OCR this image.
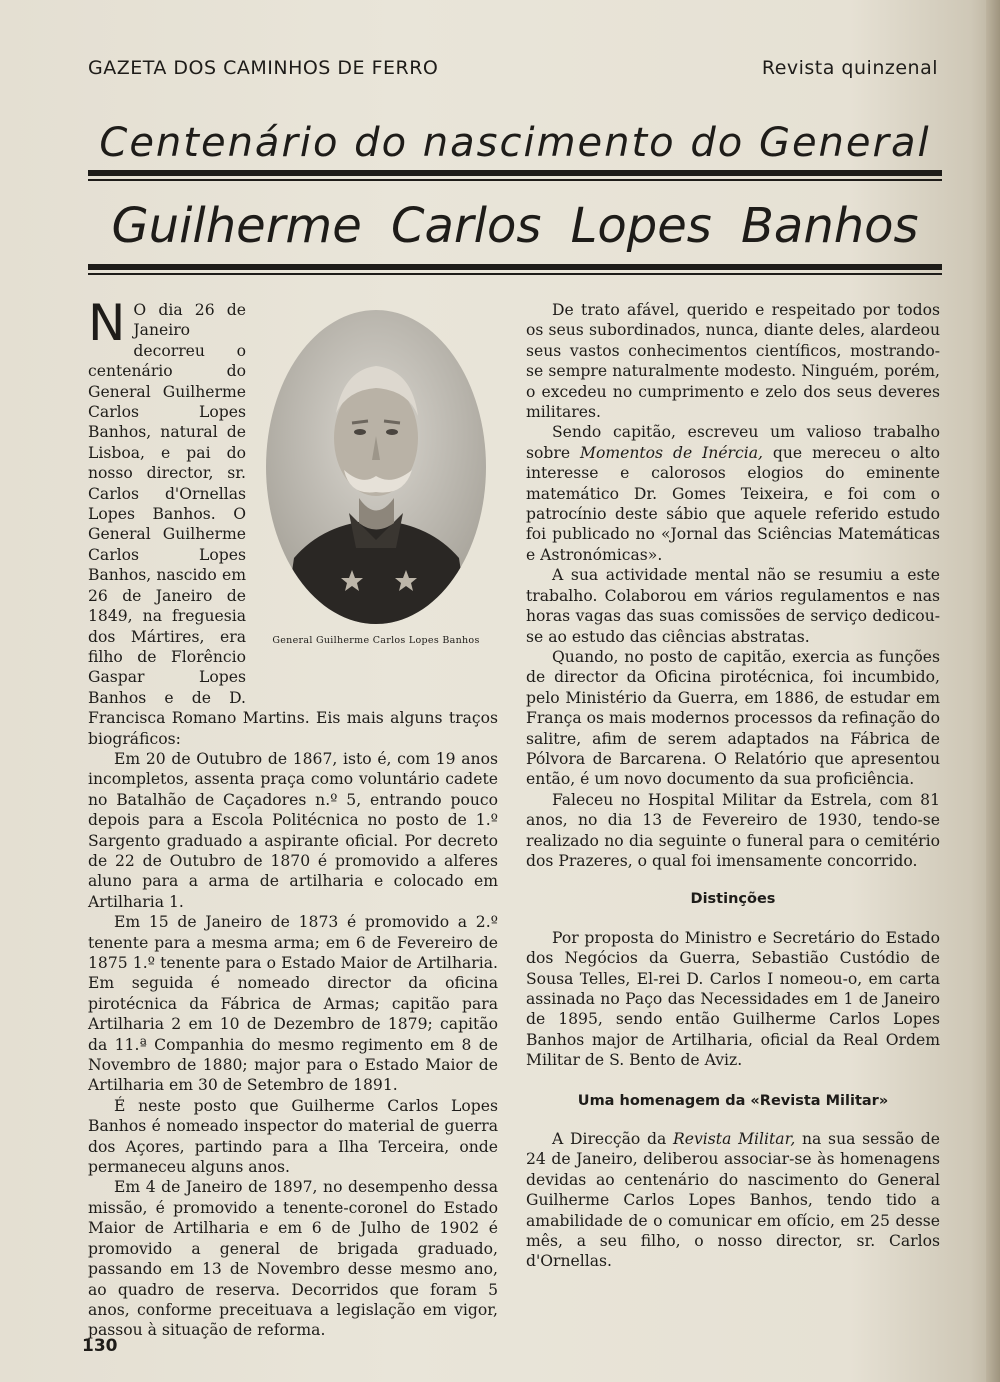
GAZETA DOS CAMINHOS DE FERRO	Revista quinzenal
Centenário do nascimento do General
Guilherme Carlos Lopes Banhos

N
General Guilherme Carlos Lopes Banhos
O dia 26 de Janeiro decorreu o centenário do General Guilherme Carlos Lopes Banhos, natural de Lisboa, e pai do nosso director, sr. Carlos d'Ornellas Lopes Banhos. O General Guilherme Carlos Lopes Banhos, nascido em 26 de Janeiro de 1849, na freguesia dos Mártires, era filho de Florêncio Gaspar Lopes Banhos e de D. Francisca Romano Martins. Eis mais alguns traços biográficos:

Em 20 de Outubro de 1867, isto é, com 19 anos incompletos, assenta praça como voluntário cadete no Batalhão de Caçadores n.º 5, entrando pouco depois para a Escola Politécnica no posto de 1.º Sargento graduado a aspirante oficial. Por decreto de 22 de Outubro de 1870 é promovido a alferes aluno para a arma de artilharia e colocado em Artilharia 1.

Em 15 de Janeiro de 1873 é promovido a 2.º tenente para a mesma arma; em 6 de Fevereiro de 1875 1.º tenente para o Estado Maior de Artilharia. Em seguida é nomeado director da oficina pirotécnica da Fábrica de Armas; capitão para Artilharia 2 em 10 de Dezembro de 1879; capitão da 11.ª Companhia do mesmo regimento em 8 de Novembro de 1880; major para o Estado Maior de Artilharia em 30 de Setembro de 1891.

É neste posto que Guilherme Carlos Lopes Banhos é nomeado inspector do material de guerra dos Açores, partindo para a Ilha Terceira, onde permaneceu alguns anos.

Em 4 de Janeiro de 1897, no desempenho dessa missão, é promovido a tenente-coronel do Estado Maior de Artilharia e em 6 de Julho de 1902 é promovido a general de brigada graduado, passando em 13 de Novembro desse mesmo ano, ao quadro de reserva. Decorridos que foram 5 anos, conforme preceituava a legislação em vigor, passou à situação de reforma.

De trato afável, querido e respeitado por todos os seus subordinados, nunca, diante deles, alardeou seus vastos conhecimentos científicos, mostrando-se sempre naturalmente modesto. Ninguém, porém, o excedeu no cumprimento e zelo dos seus deveres militares.

Sendo capitão, escreveu um valioso trabalho sobre Momentos de Inércia, que mereceu o alto interesse e calorosos elogios do eminente matemático Dr. Gomes Teixeira, e foi com o patrocínio deste sábio que aquele referido estudo foi publicado no «Jornal das Sciências Matemáticas e Astronómicas».

A sua actividade mental não se resumiu a este trabalho. Colaborou em vários regulamentos e nas horas vagas das suas comissões de serviço dedicou-se ao estudo das ciências abstratas.

Quando, no posto de capitão, exercia as funções de director da Oficina pirotécnica, foi incumbido, pelo Ministério da Guerra, em 1886, de estudar em França os mais modernos processos da refinação do salitre, afim de serem adaptados na Fábrica de Pólvora de Barcarena. O Relatório que apresentou então, é um novo documento da sua proficiência.

Faleceu no Hospital Militar da Estrela, com 81 anos, no dia 13 de Fevereiro de 1930, tendo-se realizado no dia seguinte o funeral para o cemitério dos Prazeres, o qual foi imensamente concorrido.

Distinções

Por proposta do Ministro e Secretário do Estado dos Negócios da Guerra, Sebastião Custódio de Sousa Telles, El-rei D. Carlos I nomeou-o, em carta assinada no Paço das Necessidades em 1 de Janeiro de 1895, sendo então Guilherme Carlos Lopes Banhos major de Artilharia, oficial da Real Ordem Militar de S. Bento de Aviz.

Uma homenagem da «Revista Militar»

A Direcção da Revista Militar, na sua sessão de 24 de Janeiro, deliberou associar-se às homenagens devidas ao centenário do nascimento do General Guilherme Carlos Lopes Banhos, tendo tido a amabilidade de o comunicar em ofício, em 25 desse mês, a seu filho, o nosso director, sr. Carlos d'Ornellas.

130
